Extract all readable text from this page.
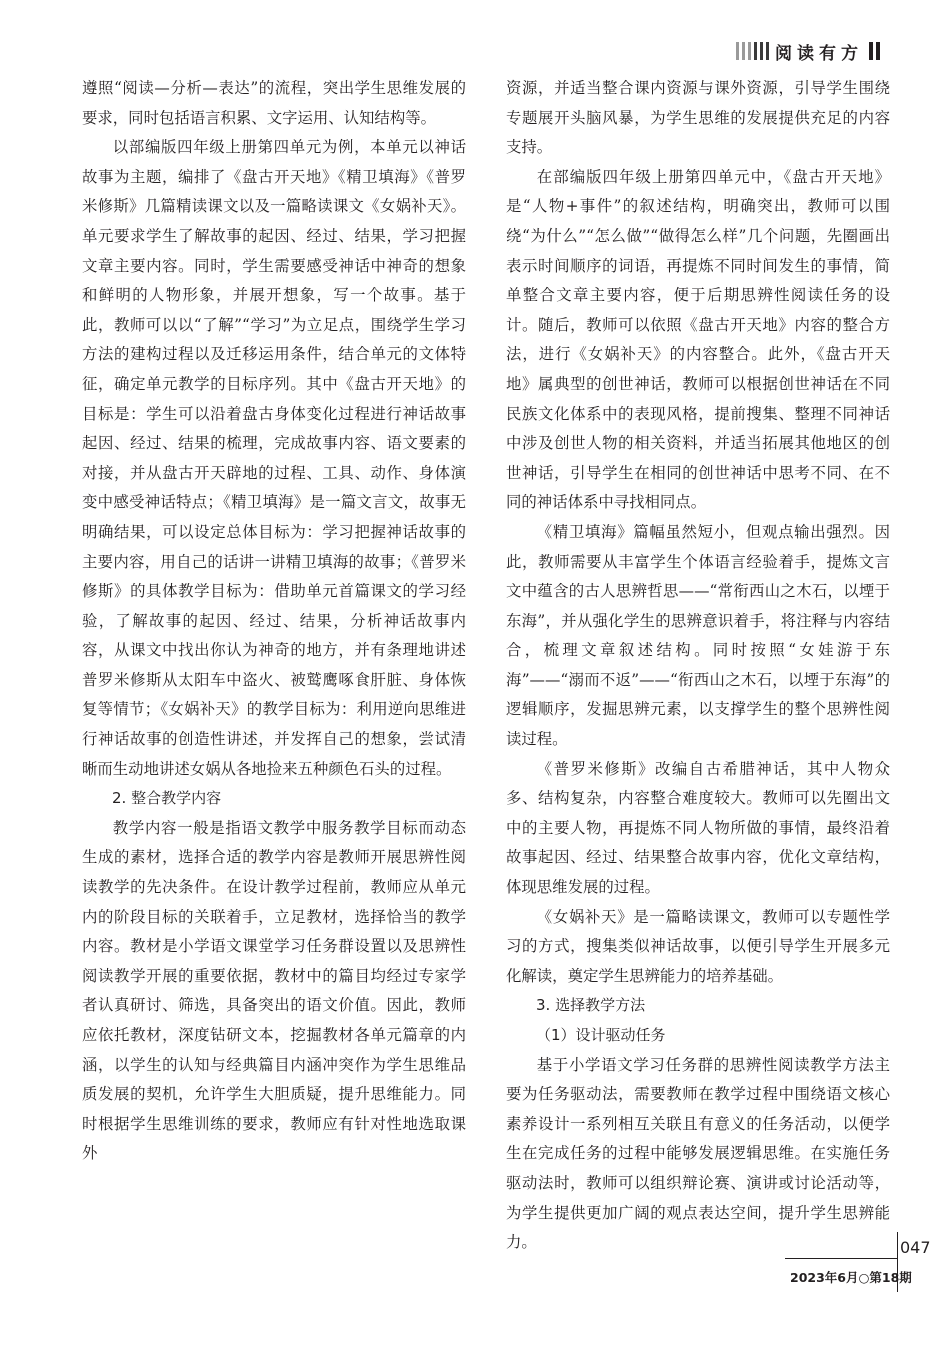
阅读有方

遵照“阅读—分析—表达”的流程，突出学生思维发展的要求，同时包括语言积累、文字运用、认知结构等。

以部编版四年级上册第四单元为例，本单元以神话故事为主题，编排了《盘古开天地》《精卫填海》《普罗米修斯》几篇精读课文以及一篇略读课文《女娲补天》。单元要求学生了解故事的起因、经过、结果，学习把握文章主要内容。同时，学生需要感受神话中神奇的想象和鲜明的人物形象，并展开想象，写一个故事。基于此，教师可以以“了解”“学习”为立足点，围绕学生学习方法的建构过程以及迁移运用条件，结合单元的文体特征，确定单元教学的目标序列。其中《盘古开天地》的目标是：学生可以沿着盘古身体变化过程进行神话故事起因、经过、结果的梳理，完成故事内容、语文要素的对接，并从盘古开天辟地的过程、工具、动作、身体演变中感受神话特点；《精卫填海》是一篇文言文，故事无明确结果，可以设定总体目标为：学习把握神话故事的主要内容，用自己的话讲一讲精卫填海的故事；《普罗米修斯》的具体教学目标为：借助单元首篇课文的学习经验，了解故事的起因、经过、结果，分析神话故事内容，从课文中找出你认为神奇的地方，并有条理地讲述普罗米修斯从太阳车中盗火、被鹫鹰啄食肝脏、身体恢复等情节；《女娲补天》的教学目标为：利用逆向思维进行神话故事的创造性讲述，并发挥自己的想象，尝试清晰而生动地讲述女娲从各地捡来五种颜色石头的过程。

2. 整合教学内容

教学内容一般是指语文教学中服务教学目标而动态生成的素材，选择合适的教学内容是教师开展思辨性阅读教学的先决条件。在设计教学过程前，教师应从单元内的阶段目标的关联着手，立足教材，选择恰当的教学内容。教材是小学语文课堂学习任务群设置以及思辨性阅读教学开展的重要依据，教材中的篇目均经过专家学者认真研讨、筛选，具备突出的语文价值。因此，教师应依托教材，深度钻研文本，挖掘教材各单元篇章的内涵，以学生的认知与经典篇目内涵冲突作为学生思维品质发展的契机，允许学生大胆质疑，提升思维能力。同时根据学生思维训练的要求，教师应有针对性地选取课外

资源，并适当整合课内资源与课外资源，引导学生围绕专题展开头脑风暴，为学生思维的发展提供充足的内容支持。

在部编版四年级上册第四单元中，《盘古开天地》是“人物+事件”的叙述结构，明确突出，教师可以围绕“为什么”“怎么做”“做得怎么样”几个问题，先圈画出表示时间顺序的词语，再提炼不同时间发生的事情，简单整合文章主要内容，便于后期思辨性阅读任务的设计。随后，教师可以依照《盘古开天地》内容的整合方法，进行《女娲补天》的内容整合。此外，《盘古开天地》属典型的创世神话，教师可以根据创世神话在不同民族文化体系中的表现风格，提前搜集、整理不同神话中涉及创世人物的相关资料，并适当拓展其他地区的创世神话，引导学生在相同的创世神话中思考不同、在不同的神话体系中寻找相同点。

《精卫填海》篇幅虽然短小，但观点输出强烈。因此，教师需要从丰富学生个体语言经验着手，提炼文言文中蕴含的古人思辨哲思——“常衔西山之木石，以堙于东海”，并从强化学生的思辨意识着手，将注释与内容结合，梳理文章叙述结构。同时按照“女娃游于东海”——“溺而不返”——“衔西山之木石，以堙于东海”的逻辑顺序，发掘思辨元素，以支撑学生的整个思辨性阅读过程。

《普罗米修斯》改编自古希腊神话，其中人物众多、结构复杂，内容整合难度较大。教师可以先圈出文中的主要人物，再提炼不同人物所做的事情，最终沿着故事起因、经过、结果整合故事内容，优化文章结构，体现思维发展的过程。

《女娲补天》是一篇略读课文，教师可以专题性学习的方式，搜集类似神话故事，以便引导学生开展多元化解读，奠定学生思辨能力的培养基础。

3. 选择教学方法

（1）设计驱动任务

基于小学语文学习任务群的思辨性阅读教学方法主要为任务驱动法，需要教师在教学过程中围绕语文核心素养设计一系列相互关联且有意义的任务活动，以便学生在完成任务的过程中能够发展逻辑思维。在实施任务驱动法时，教师可以组织辩论赛、演讲或讨论活动等，为学生提供更加广阔的观点表达空间，提升学生思辨能力。	047
2023年6月○第18期
